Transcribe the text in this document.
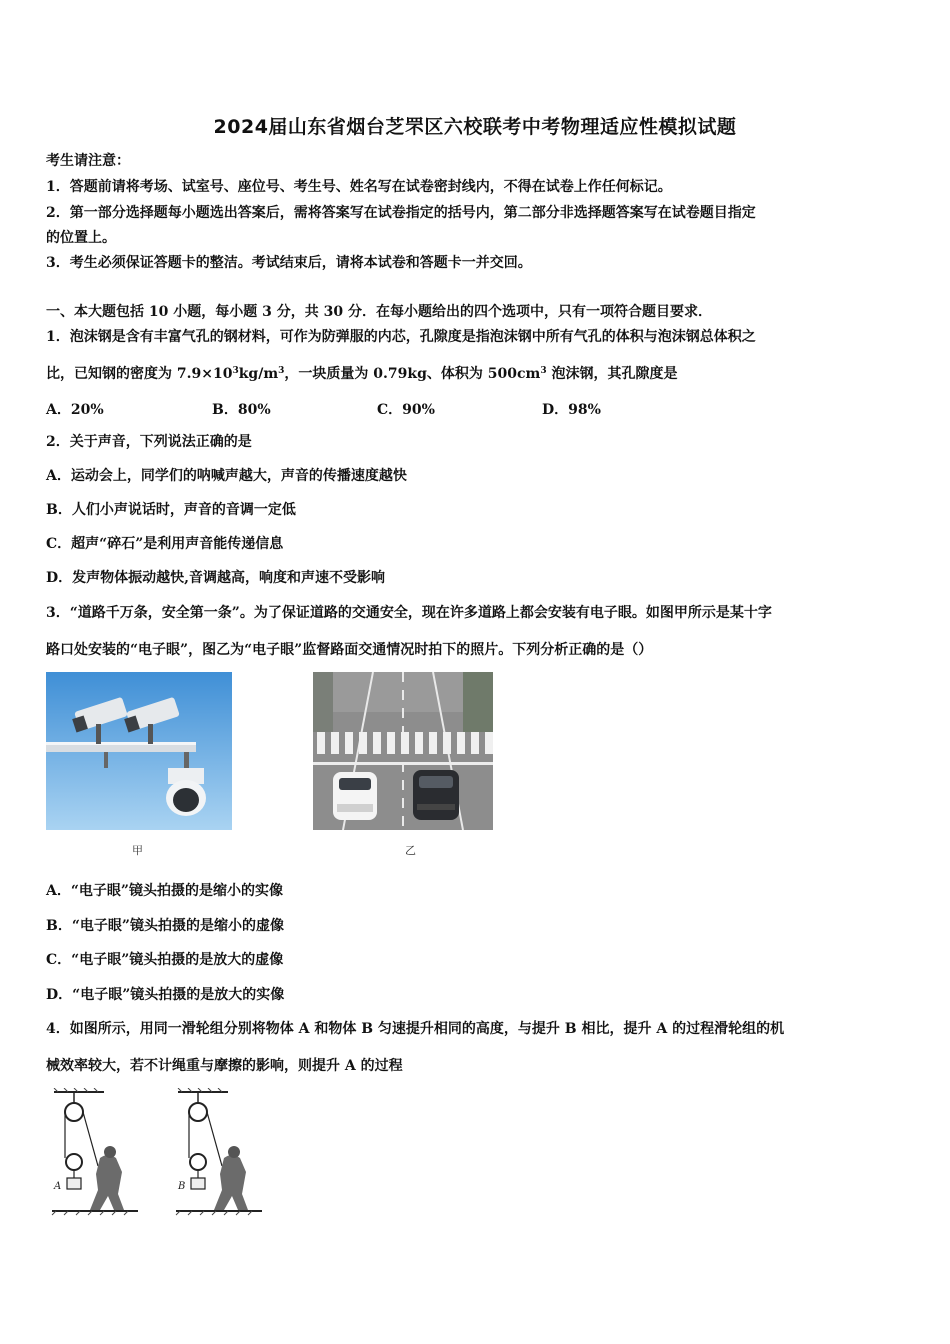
2024届山东省烟台芝罘区六校联考中考物理适应性模拟试题
考生请注意：
1．答题前请将考场、试室号、座位号、考生号、姓名写在试卷密封线内，不得在试卷上作任何标记。
2．第一部分选择题每小题选出答案后，需将答案写在试卷指定的括号内，第二部分非选择题答案写在试卷题目指定
的位置上。
3．考生必须保证答题卡的整洁。考试结束后，请将本试卷和答题卡一并交回。
一、本大题包括 10 小题，每小题 3 分，共 30 分．在每小题给出的四个选项中，只有一项符合题目要求．
1．泡沫钢是含有丰富气孔的钢材料，可作为防弹服的内芯，孔隙度是指泡沫钢中所有气孔的体积与泡沫钢总体积之
比，已知钢的密度为 $7.9\times 10^3kg/m^3$，一块质量为 0.79kg、体积为 $500cm^3$ 泡沫钢，其孔隙度是
A．20%	B．80%	C．90%	D．98%
2．关于声音，下列说法正确的是
A．运动会上，同学们的呐喊声越大，声音的传播速度越快
B．人们小声说话时，声音的音调一定低
C．超声“碎石”是利用声音能传递信息
D．发声物体振动越快,音调越高，响度和声速不受影响
3．“道路千万条，安全第一条”。为了保证道路的交通安全，现在许多道路上都会安装有电子眼。如图甲所示是某十字
路口处安装的“电子眼”，图乙为“电子眼”监督路面交通情况时拍下的照片。下列分析正确的是（）
甲	乙
A．“电子眼”镜头拍摄的是缩小的实像
B．“电子眼”镜头拍摄的是缩小的虚像
C．“电子眼”镜头拍摄的是放大的虚像
D．“电子眼”镜头拍摄的是放大的实像
4．如图所示，用同一滑轮组分别将物体 A 和物体 B 匀速提升相同的高度，与提升 B 相比，提升 A 的过程滑轮组的机
械效率较大，若不计绳重与摩擦的影响，则提升 A 的过程
A	B
